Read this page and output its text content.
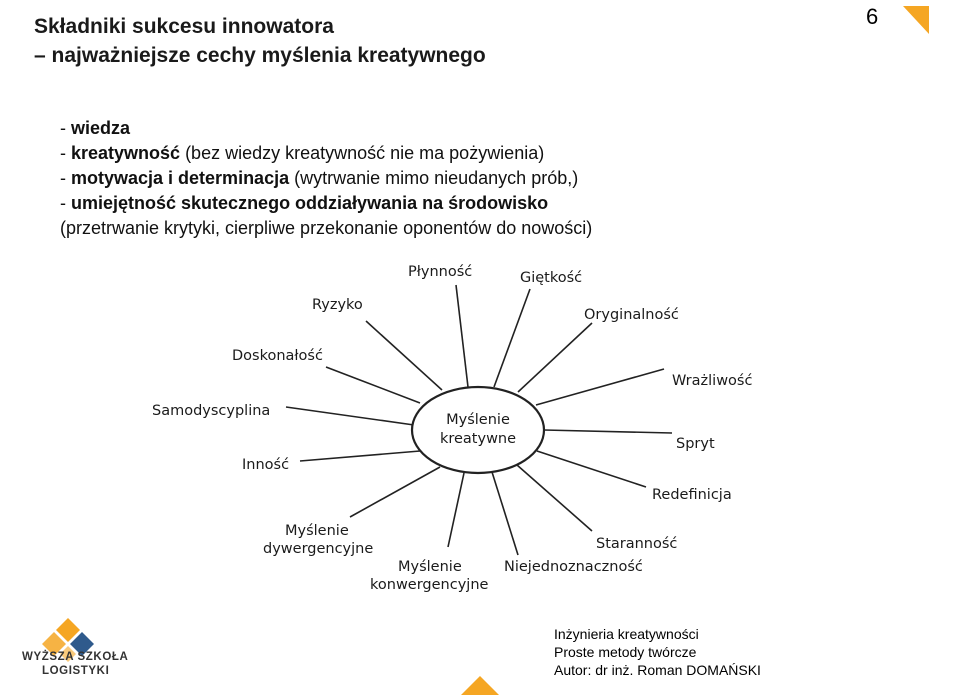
Składniki sukcesu innowatora
– najważniejsze cechy myślenia kreatywnego
6
- wiedza
- kreatywność (bez wiedzy kreatywność nie ma pożywienia)
- motywacja i determinacja (wytrwanie mimo nieudanych prób,)
- umiejętność skutecznego oddziaływania na środowisko
(przetrwanie krytyki, cierpliwe przekonanie oponentów do nowości)
Myślenie
kreatywne
Płynność	Giętkość
Oryginalność
Wrażliwość
Spryt
Redefinicja
Staranność
Niejednoznaczność
Myślenie
konwergencyjne
Myślenie
dywergencyjne
Inność
Samodyscyplina
Doskonałość
Ryzyko
WYŻSZA SZKOŁA
LOGISTYKI
Inżynieria kreatywności
Proste metody twórcze
Autor: dr inż. Roman DOMAŃSKI
